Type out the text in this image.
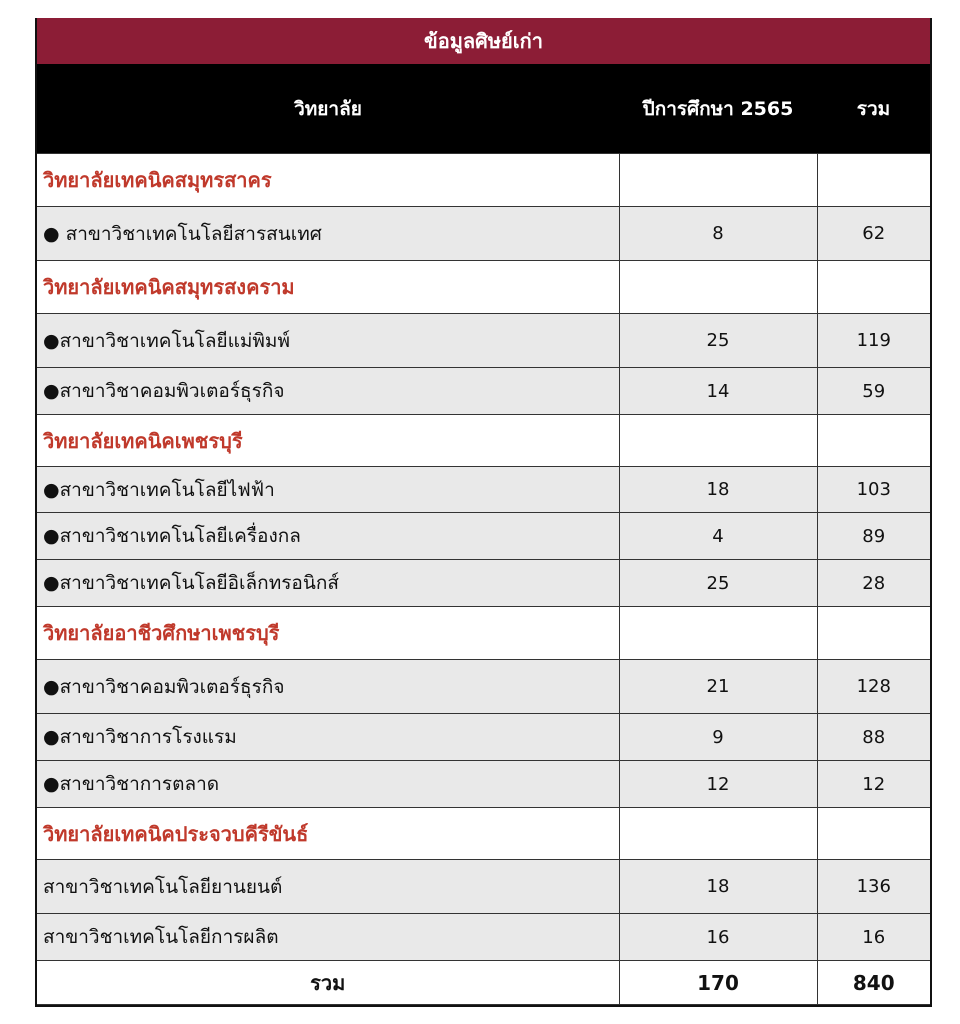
ข้อมูลศิษย์เก่า
วิทยาลัย	ปีการศึกษา 2565	รวม
วิทยาลัยเทคนิคสมุทรสาคร		
● สาขาวิชาเทคโนโลยีสารสนเทศ	8	62
วิทยาลัยเทคนิคสมุทรสงคราม		
●สาขาวิชาเทคโนโลยีแม่พิมพ์	25	119
●สาขาวิชาคอมพิวเตอร์ธุรกิจ	14	59
วิทยาลัยเทคนิคเพชรบุรี		
●สาขาวิชาเทคโนโลยีไฟฟ้า	18	103
●สาขาวิชาเทคโนโลยีเครื่องกล	4	89
●สาขาวิชาเทคโนโลยีอิเล็กทรอนิกส์	25	28
วิทยาลัยอาชีวศึกษาเพชรบุรี		
●สาขาวิชาคอมพิวเตอร์ธุรกิจ	21	128
●สาขาวิชาการโรงแรม	9	88
●สาขาวิชาการตลาด	12	12
วิทยาลัยเทคนิคประจวบคีรีขันธ์		
สาขาวิชาเทคโนโลยียานยนต์	18	136
สาขาวิชาเทคโนโลยีการผลิต	16	16
รวม	170	840
